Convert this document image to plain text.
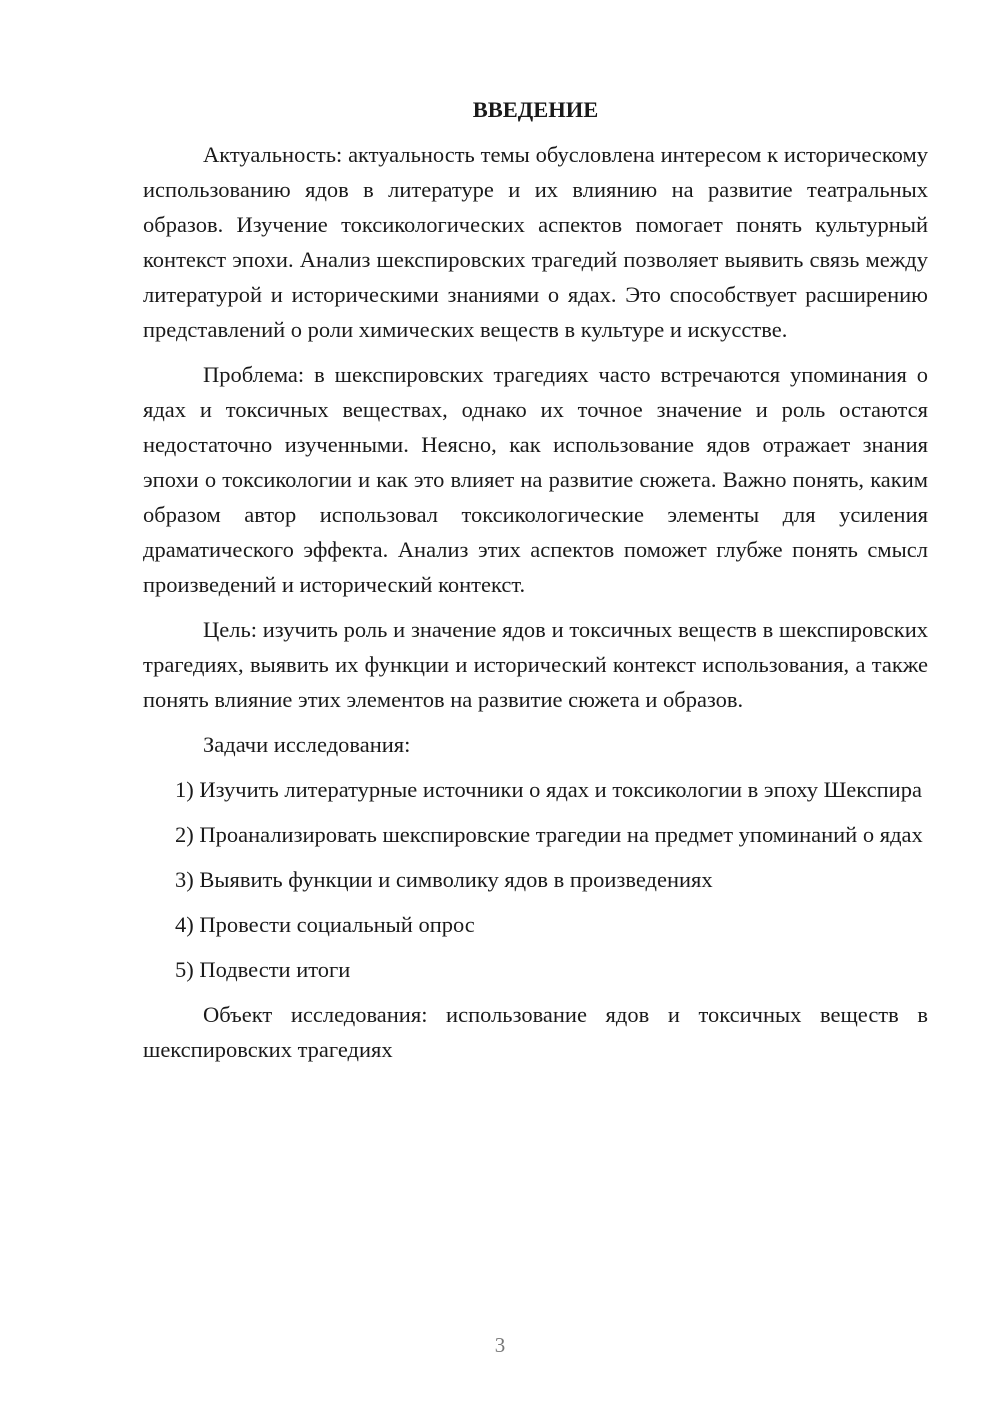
ВВЕДЕНИЕ

Актуальность: актуальность темы обусловлена интересом к историческому использованию ядов в литературе и их влиянию на развитие театральных образов. Изучение токсикологических аспектов помогает понять культурный контекст эпохи. Анализ шекспировских трагедий позволяет выявить связь между литературой и историческими знаниями о ядах. Это способствует расширению представлений о роли химических веществ в культуре и искусстве.

Проблема: в шекспировских трагедиях часто встречаются упоминания о ядах и токсичных веществах, однако их точное значение и роль остаются недостаточно изученными. Неясно, как использование ядов отражает знания эпохи о токсикологии и как это влияет на развитие сюжета. Важно понять, каким образом автор использовал токсикологические элементы для усиления драматического эффекта. Анализ этих аспектов поможет глубже понять смысл произведений и исторический контекст.

Цель: изучить роль и значение ядов и токсичных веществ в шекспировских трагедиях, выявить их функции и исторический контекст использования, а также понять влияние этих элементов на развитие сюжета и образов.

Задачи исследования:

1) Изучить литературные источники о ядах и токсикологии в эпоху Шекспира

2) Проанализировать шекспировские трагедии на предмет упоминаний о ядах

3) Выявить функции и символику ядов в произведениях

4) Провести социальный опрос

5) Подвести итоги

Объект исследования: использование ядов и токсичных веществ в шекспировских трагедиях

3
